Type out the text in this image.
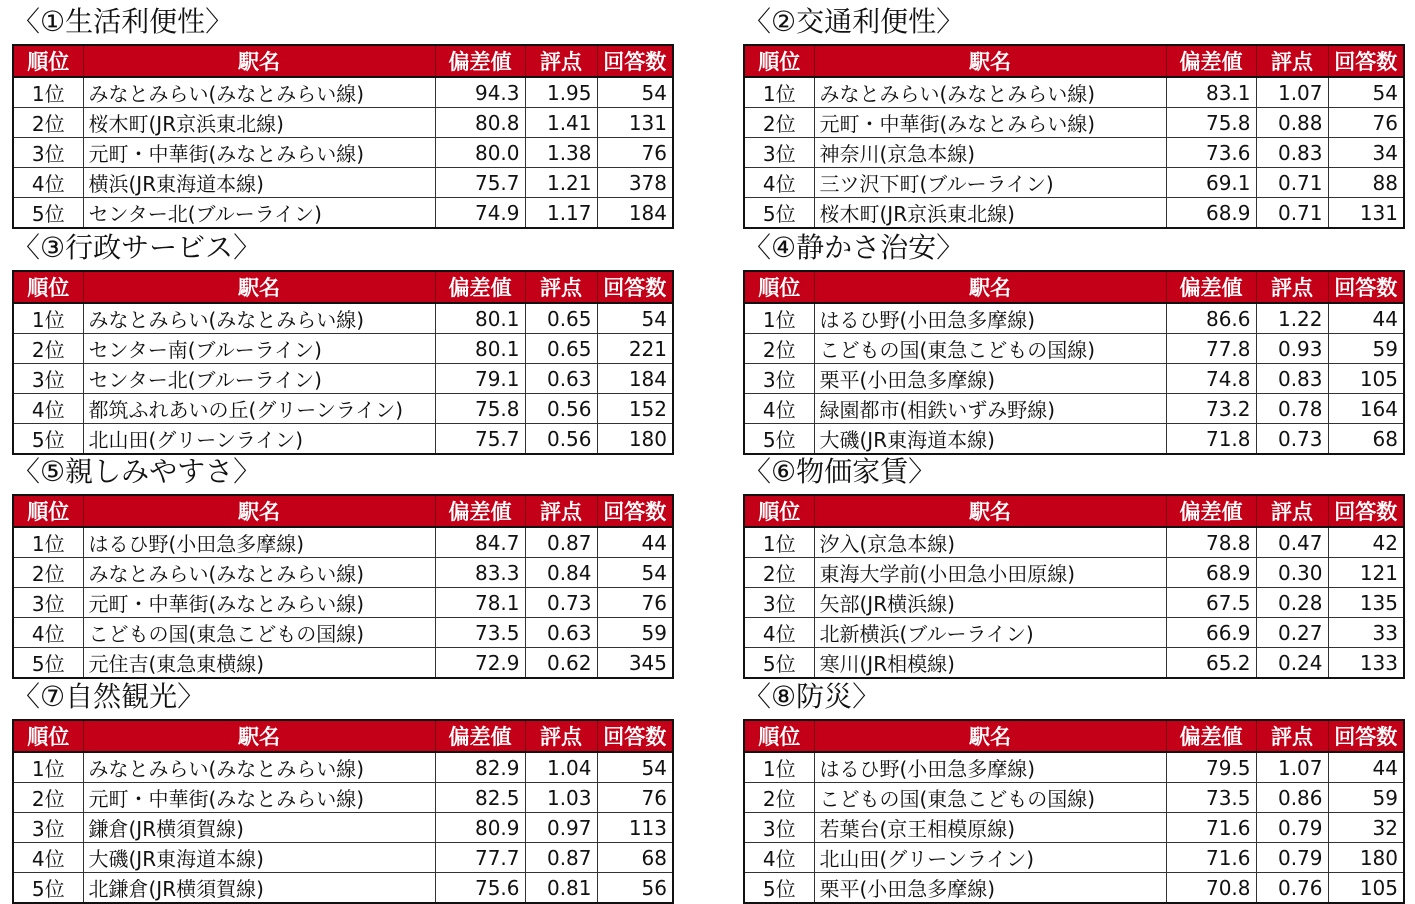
〈①生活利便性〉
順位	駅名	偏差値	評点	回答数
1位	みなとみらい(みなとみらい線)	94.3	1.95	54
2位	桜木町(JR京浜東北線)	80.8	1.41	131
3位	元町・中華街(みなとみらい線)	80.0	1.38	76
4位	横浜(JR東海道本線)	75.7	1.21	378
5位	センター北(ブルーライン)	74.9	1.17	184
〈②交通利便性〉
順位	駅名	偏差値	評点	回答数
1位	みなとみらい(みなとみらい線)	83.1	1.07	54
2位	元町・中華街(みなとみらい線)	75.8	0.88	76
3位	神奈川(京急本線)	73.6	0.83	34
4位	三ツ沢下町(ブルーライン)	69.1	0.71	88
5位	桜木町(JR京浜東北線)	68.9	0.71	131
〈③行政サービス〉
順位	駅名	偏差値	評点	回答数
1位	みなとみらい(みなとみらい線)	80.1	0.65	54
2位	センター南(ブルーライン)	80.1	0.65	221
3位	センター北(ブルーライン)	79.1	0.63	184
4位	都筑ふれあいの丘(グリーンライン)	75.8	0.56	152
5位	北山田(グリーンライン)	75.7	0.56	180
〈④静かさ治安〉
順位	駅名	偏差値	評点	回答数
1位	はるひ野(小田急多摩線)	86.6	1.22	44
2位	こどもの国(東急こどもの国線)	77.8	0.93	59
3位	栗平(小田急多摩線)	74.8	0.83	105
4位	緑園都市(相鉄いずみ野線)	73.2	0.78	164
5位	大磯(JR東海道本線)	71.8	0.73	68
〈⑤親しみやすさ〉
順位	駅名	偏差値	評点	回答数
1位	はるひ野(小田急多摩線)	84.7	0.87	44
2位	みなとみらい(みなとみらい線)	83.3	0.84	54
3位	元町・中華街(みなとみらい線)	78.1	0.73	76
4位	こどもの国(東急こどもの国線)	73.5	0.63	59
5位	元住吉(東急東横線)	72.9	0.62	345
〈⑥物価家賃〉
順位	駅名	偏差値	評点	回答数
1位	汐入(京急本線)	78.8	0.47	42
2位	東海大学前(小田急小田原線)	68.9	0.30	121
3位	矢部(JR横浜線)	67.5	0.28	135
4位	北新横浜(ブルーライン)	66.9	0.27	33
5位	寒川(JR相模線)	65.2	0.24	133
〈⑦自然観光〉
順位	駅名	偏差値	評点	回答数
1位	みなとみらい(みなとみらい線)	82.9	1.04	54
2位	元町・中華街(みなとみらい線)	82.5	1.03	76
3位	鎌倉(JR横須賀線)	80.9	0.97	113
4位	大磯(JR東海道本線)	77.7	0.87	68
5位	北鎌倉(JR横須賀線)	75.6	0.81	56
〈⑧防災〉
順位	駅名	偏差値	評点	回答数
1位	はるひ野(小田急多摩線)	79.5	1.07	44
2位	こどもの国(東急こどもの国線)	73.5	0.86	59
3位	若葉台(京王相模原線)	71.6	0.79	32
4位	北山田(グリーンライン)	71.6	0.79	180
5位	栗平(小田急多摩線)	70.8	0.76	105
